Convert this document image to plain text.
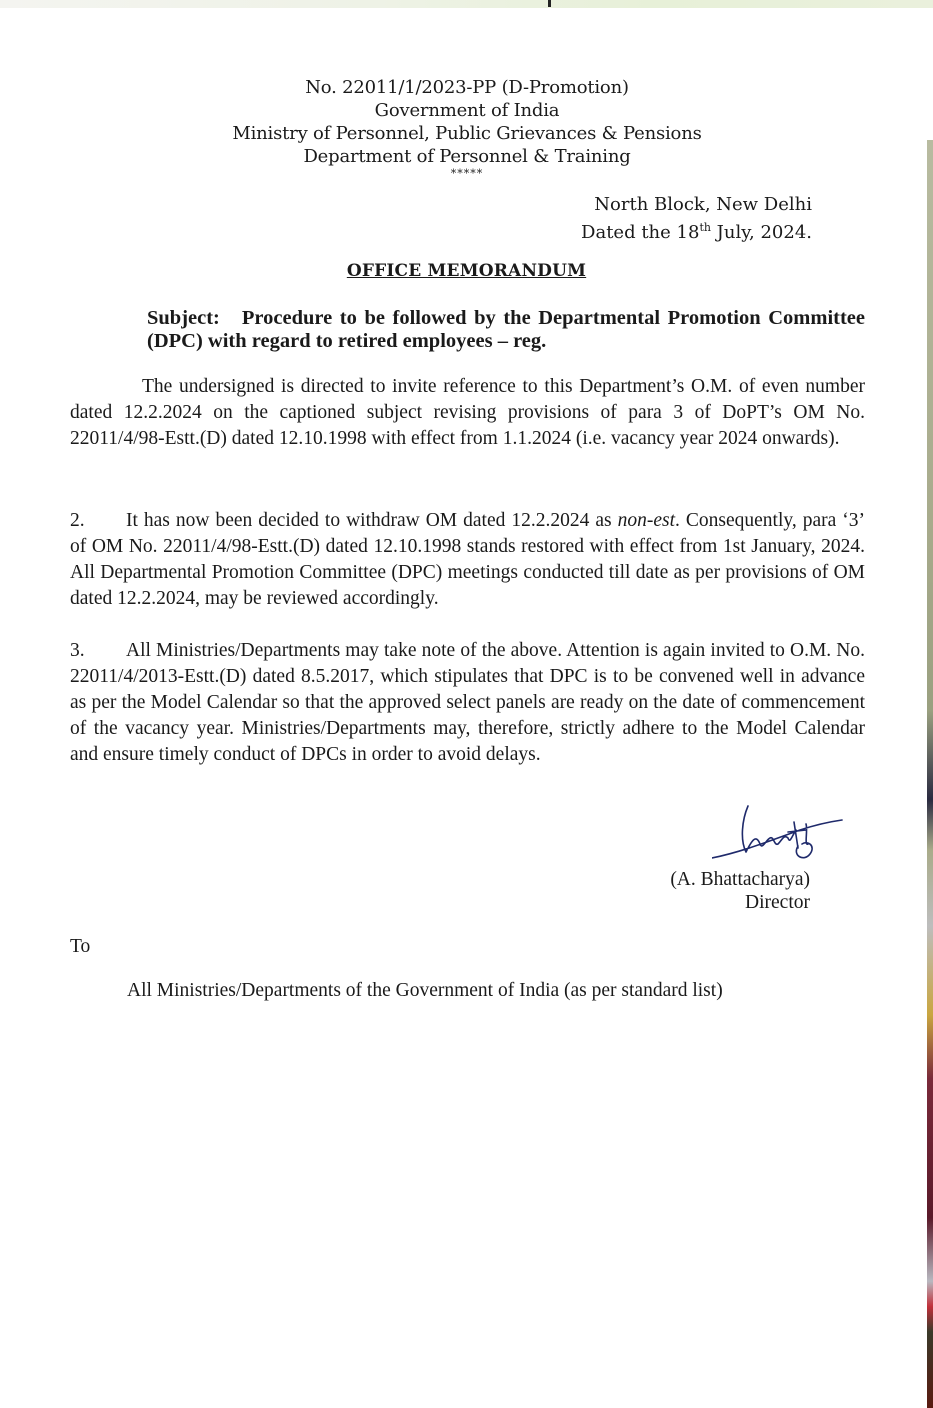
No. 22011/1/2023-PP (D-Promotion)
Government of India
Ministry of Personnel, Public Grievances & Pensions
Department of Personnel & Training
*****
North Block, New Delhi
Dated the 18th July, 2024.
OFFICE MEMORANDUM
Subject: Procedure to be followed by the Departmental Promotion Committee (DPC) with regard to retired employees – reg.
The undersigned is directed to invite reference to this Department’s O.M. of even number dated 12.2.2024 on the captioned subject revising provisions of para 3 of DoPT’s OM No. 22011/4/98-Estt.(D) dated 12.10.1998 with effect from 1.1.2024 (i.e. vacancy year 2024 onwards).
2. It has now been decided to withdraw OM dated 12.2.2024 as non-est. Consequently, para ‘3’ of OM No. 22011/4/98-Estt.(D) dated 12.10.1998 stands restored with effect from 1st January, 2024. All Departmental Promotion Committee (DPC) meetings conducted till date as per provisions of OM dated 12.2.2024, may be reviewed accordingly.
3. All Ministries/Departments may take note of the above. Attention is again invited to O.M. No. 22011/4/2013-Estt.(D) dated 8.5.2017, which stipulates that DPC is to be convened well in advance as per the Model Calendar so that the approved select panels are ready on the date of commencement of the vacancy year. Ministries/Departments may, therefore, strictly adhere to the Model Calendar and ensure timely conduct of DPCs in order to avoid delays.
(A. Bhattacharya)
Director
To
All Ministries/Departments of the Government of India (as per standard list)
